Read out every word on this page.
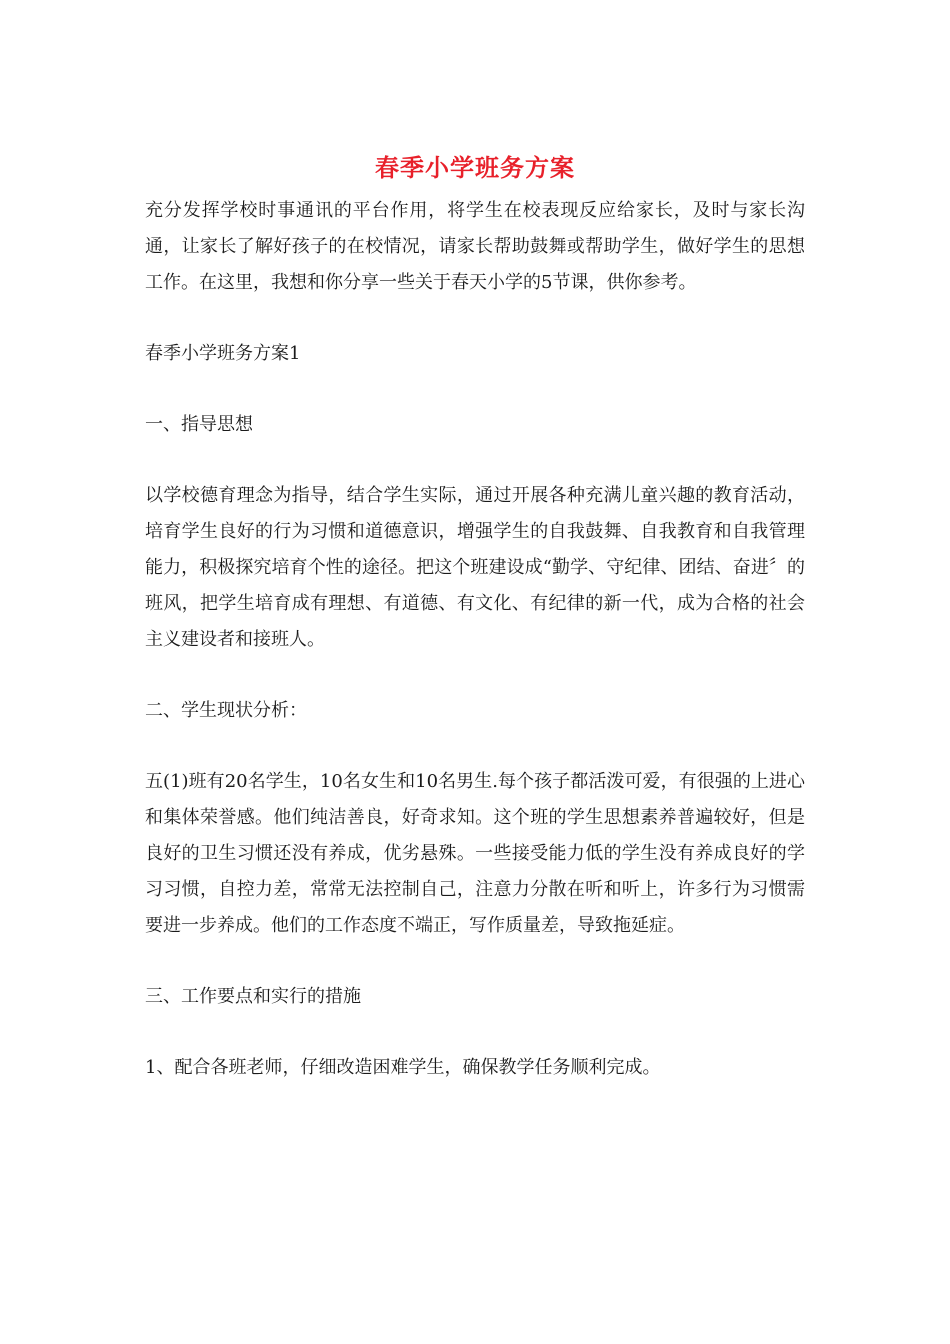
春季小学班务方案

充分发挥学校时事通讯的平台作用，将学生在校表现反应给家长，及时与家长沟通，让家长了解好孩子的在校情况，请家长帮助鼓舞或帮助学生，做好学生的思想工作。在这里，我想和你分享一些关于春天小学的5节课，供你参考。

春季小学班务方案1

一、指导思想

以学校德育理念为指导，结合学生实际，通过开展各种充满儿童兴趣的教育活动，培育学生良好的行为习惯和道德意识，增强学生的自我鼓舞、自我教育和自我管理能力，积极探究培育个性的途径。把这个班建设成“勤学、守纪律、团结、奋进〞的班风，把学生培育成有理想、有道德、有文化、有纪律的新一代，成为合格的社会主义建设者和接班人。

二、学生现状分析：

五(1)班有20名学生，10名女生和10名男生.每个孩子都活泼可爱，有很强的上进心和集体荣誉感。他们纯洁善良，好奇求知。这个班的学生思想素养普遍较好，但是良好的卫生习惯还没有养成，优劣悬殊。一些接受能力低的学生没有养成良好的学习习惯，自控力差，常常无法控制自己，注意力分散在听和听上，许多行为习惯需要进一步养成。他们的工作态度不端正，写作质量差，导致拖延症。

三、工作要点和实行的措施

1、配合各班老师，仔细改造困难学生，确保教学任务顺利完成。
